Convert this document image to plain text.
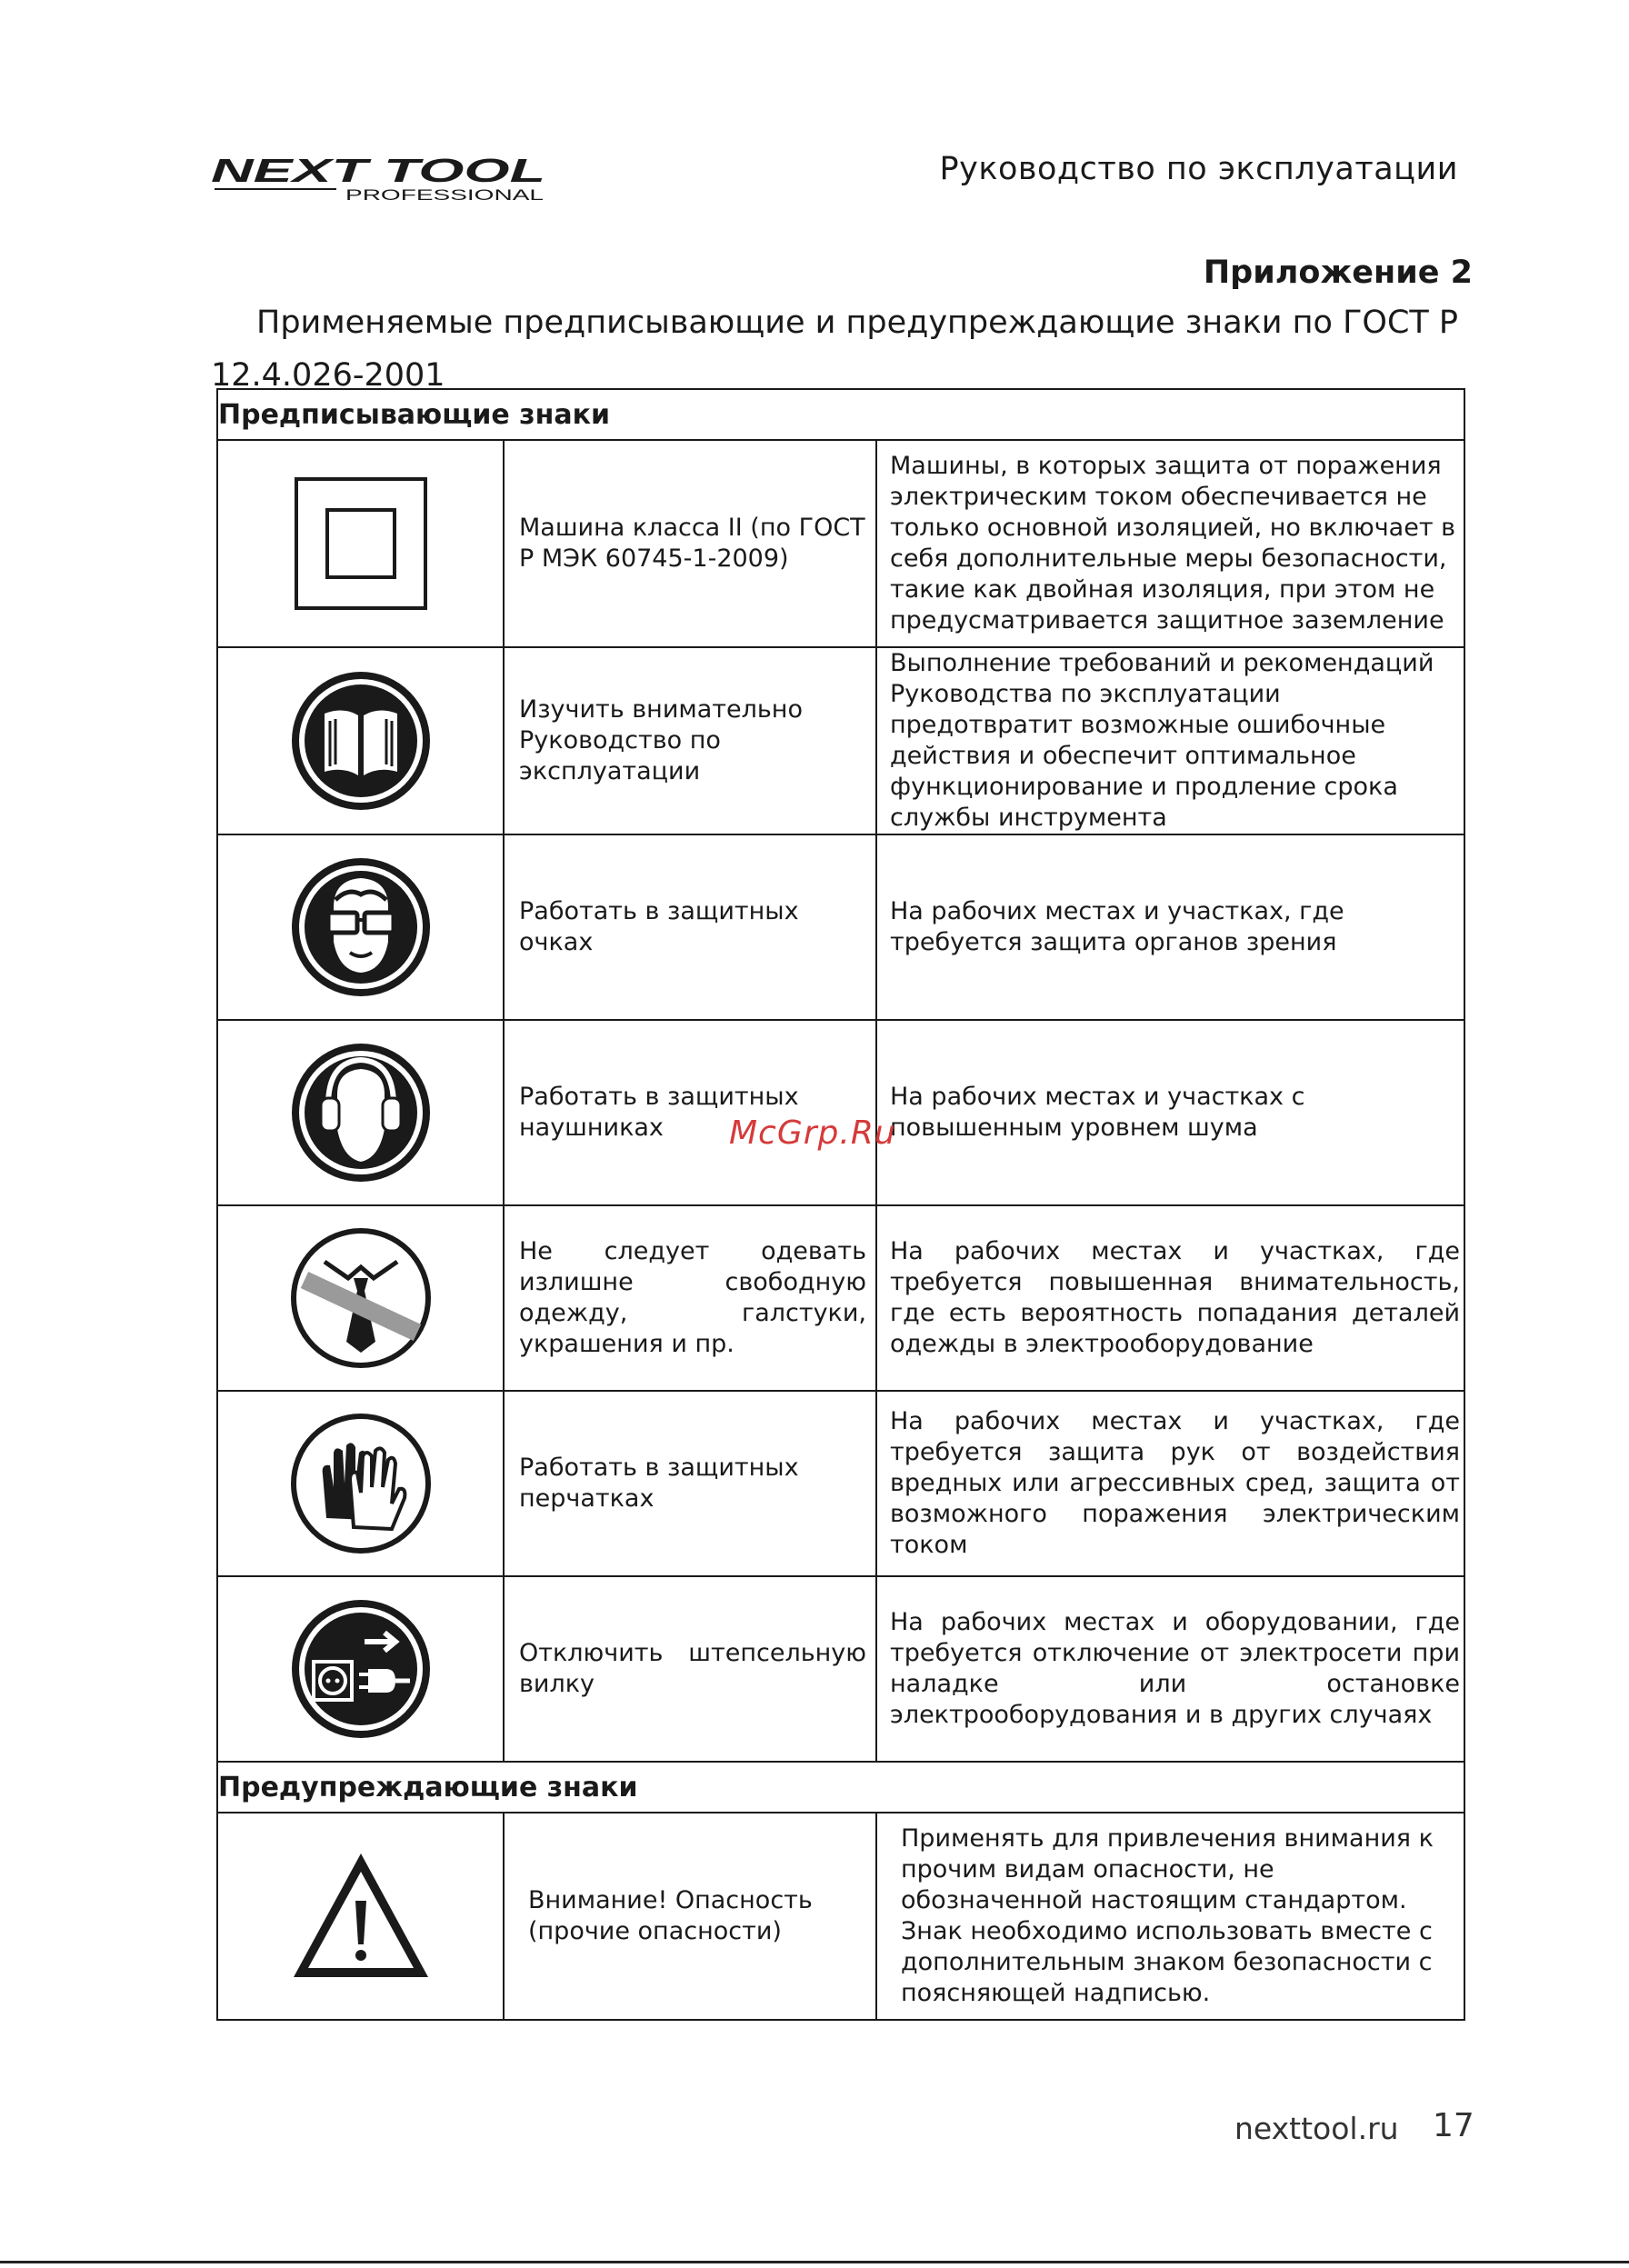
NEXT TOOL
PROFESSIONAL
Руководство по эксплуатации
Приложение 2
Применяемые предписывающие и предупреждающие знаки по ГОСТ Р 12.4.026-2001
Предписывающие знаки		
	Машина класса II (по ГОСТ Р МЭК 60745-1-2009)	Машины, в которых защита от поражения электрическим током обеспечивается не только основной изоляцией, но включает в себя дополнительные меры безопасности, такие как двойная изоляция, при этом не предусматривается защитное заземление
	Изучить внимательно Руководство по эксплуатации	Выполнение требований и рекомендаций Руководства по эксплуатации предотвратит возможные ошибочные действия и обеспечит оптимальное функционирование и продление срока службы инструмента
	Работать в защитных очках	На рабочих местах и участках, где требуется защита органов зрения
	Работать в защитных наушниках	На рабочих местах и участках с повышенным уровнем шума
	Не следует одевать излишне свободную одежду, галстуки, украшения и пр.	На рабочих местах и участках, где требуется повышенная внимательность, где есть вероятность попадания деталей одежды в электрооборудование
	Работать в защитных перчатках	На рабочих местах и участках, где требуется защита рук от воздействия вредных или агрессивных сред, защита от возможного поражения электрическим током
	Отключить штепсельную вилку	На рабочих местах и оборудовании, где требуется отключение от электросети при наладке или остановке электрооборудования и в других случаях
Предупреждающие знаки		
	Внимание! Опасность (прочие опасности)	Применять для привлечения внимания к прочим видам опасности, не обозначенной настоящим стандартом. Знак необходимо использовать вместе с дополнительным знаком безопасности с поясняющей надписью.
McGrp.Ru
nexttool.ru 17
